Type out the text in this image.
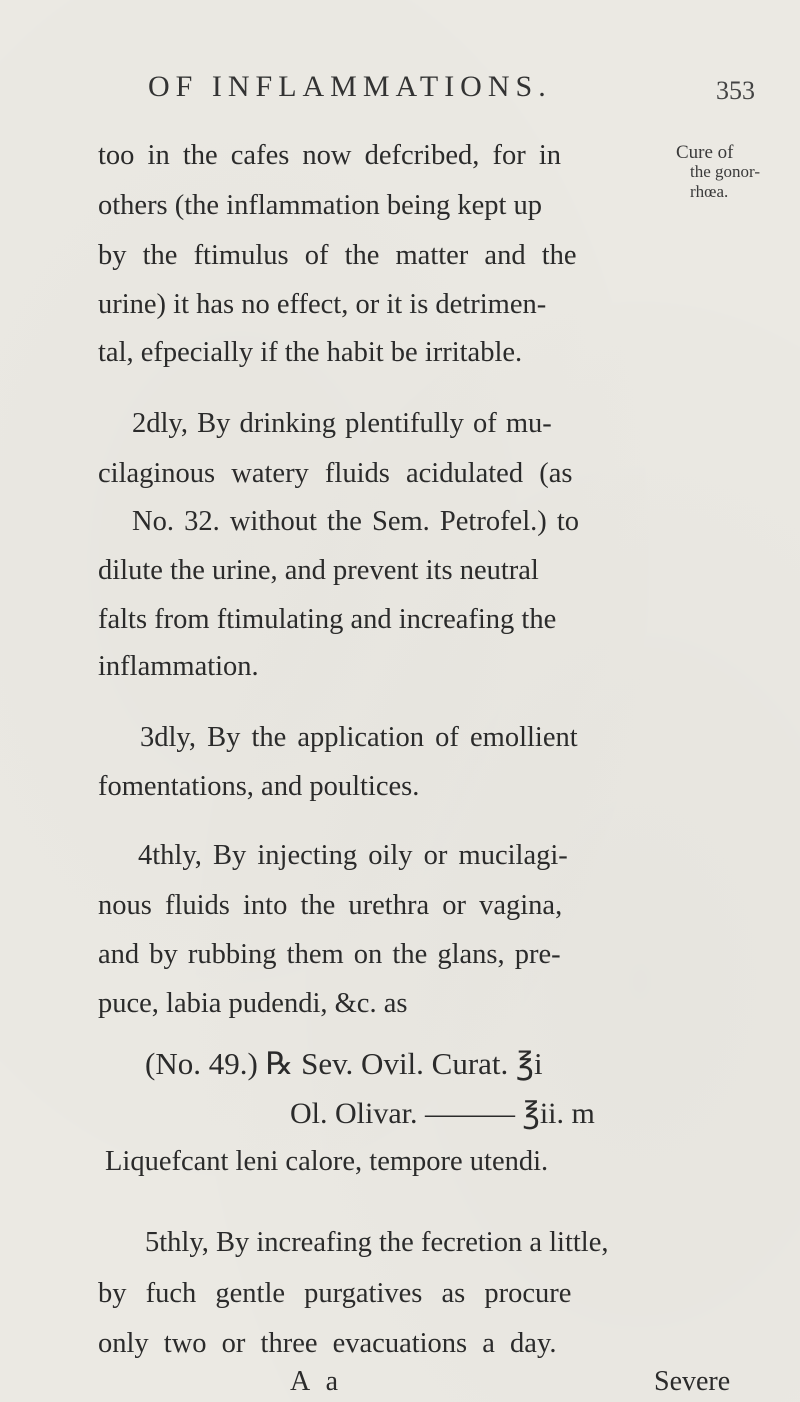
OF INFLAMMATIONS.	353
Cure of
the gonor-
rhœa.
too in the cafes now defcribed, for in
others (the inflammation being kept up
by the ftimulus of the matter and the
urine) it has no effect, or it is detrimen-
tal, efpecially if the habit be irritable.
2dly, By drinking plentifully of mu-
cilaginous watery fluids acidulated (as
No. 32. without the Sem. Petrofel.) to
dilute the urine, and prevent its neutral
falts from ftimulating and increafing the
inflammation.
3dly, By the application of emollient
fomentations, and poultices.
4thly, By injecting oily or mucilagi-
nous fluids into the urethra or vagina,
and by rubbing them on the glans, pre-
puce, labia pudendi, &c. as
(No. 49.) ℞ Sev. Ovil. Curat. ℥i
Ol. Olivar. ——— ℥ii. m
Liquefcant leni calore, tempore utendi.
5thly, By increafing the fecretion a little,
by fuch gentle purgatives as procure
only two or three evacuations a day.
A a	Severe
